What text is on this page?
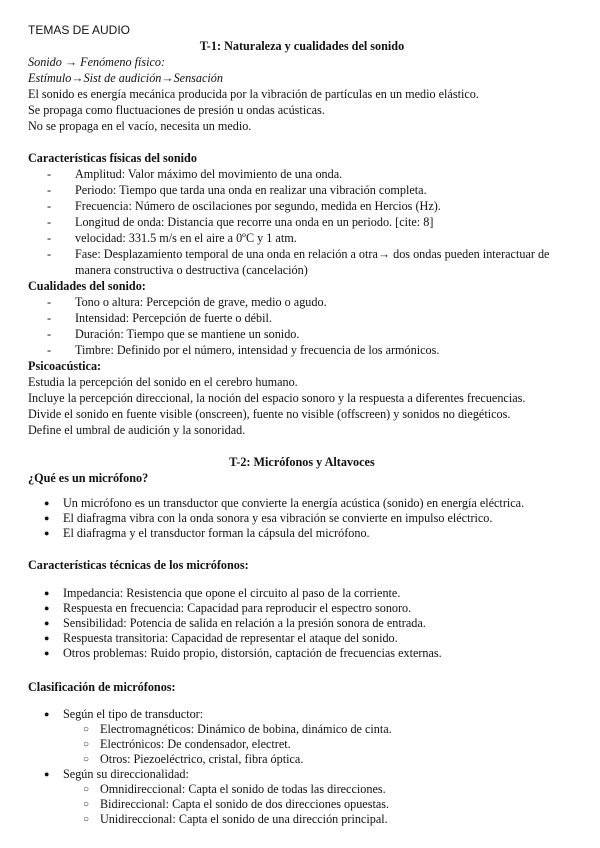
TEMAS DE AUDIO

T-1: Naturaleza y cualidades del sonido

Sonido → Fenómeno físico:

Estímulo→Sist de audición→Sensación

El sonido es energía mecánica producida por la vibración de partículas en un medio elástico.

Se propaga como fluctuaciones de presión u ondas acústicas.

No se propaga en el vacío, necesita un medio.

Características físicas del sonido

- Amplitud: Valor máximo del movimiento de una onda.
- Periodo: Tiempo que tarda una onda en realizar una vibración completa.
- Frecuencia: Número de oscilaciones por segundo, medida en Hercios (Hz).
- Longitud de onda: Distancia que recorre una onda en un periodo. [cite: 8]
- velocidad: 331.5 m/s en el aire a 0ºC y 1 atm.
- Fase: Desplazamiento temporal de una onda en relación a otra→ dos ondas pueden interactuar de
manera constructiva o destructiva (cancelación)

Cualidades del sonido:

- Tono o altura: Percepción de grave, medio o agudo.
- Intensidad: Percepción de fuerte o débil.
- Duración: Tiempo que se mantiene un sonido.
- Timbre: Definido por el número, intensidad y frecuencia de los armónicos.

Psicoacústica:

Estudia la percepción del sonido en el cerebro humano.

Incluye la percepción direccional, la noción del espacio sonoro y la respuesta a diferentes frecuencias.

Divide el sonido en fuente visible (onscreen), fuente no visible (offscreen) y sonidos no diegéticos.

Define el umbral de audición y la sonoridad.

T-2: Micrófonos y Altavoces

¿Qué es un micrófono?

● Un micrófono es un transductor que convierte la energía acústica (sonido) en energía eléctrica.
● El diafragma vibra con la onda sonora y esa vibración se convierte en impulso eléctrico.
● El diafragma y el transductor forman la cápsula del micrófono.

Características técnicas de los micrófonos:

● Impedancia: Resistencia que opone el circuito al paso de la corriente.
● Respuesta en frecuencia: Capacidad para reproducir el espectro sonoro.
● Sensibilidad: Potencia de salida en relación a la presión sonora de entrada.
● Respuesta transitoria: Capacidad de representar el ataque del sonido.
● Otros problemas: Ruido propio, distorsión, captación de frecuencias externas.

Clasificación de micrófonos:

● Según el tipo de transductor:
○ Electromagnéticos: Dinámico de bobina, dinámico de cinta.
○ Electrónicos: De condensador, electret.
○ Otros: Piezoeléctrico, cristal, fibra óptica.
● Según su direccionalidad:
○ Omnidireccional: Capta el sonido de todas las direcciones.
○ Bidireccional: Capta el sonido de dos direcciones opuestas.
○ Unidireccional: Capta el sonido de una dirección principal.
